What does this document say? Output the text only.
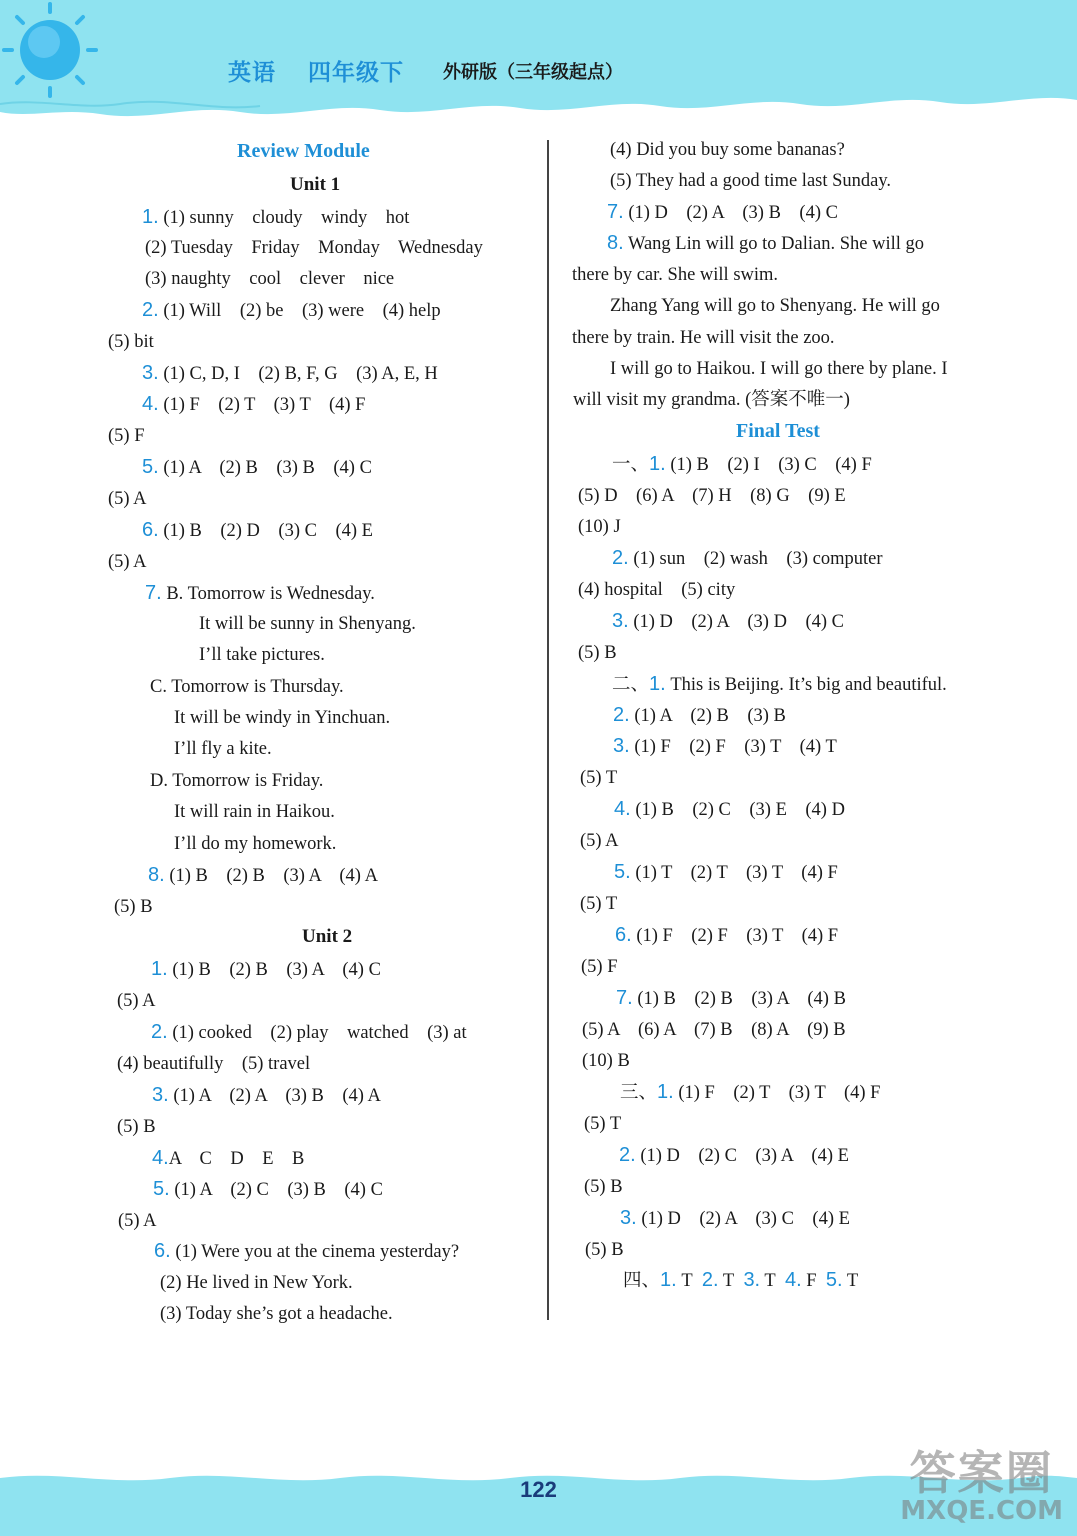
英语 四年级下 外研版（三年级起点）
Review Module
Unit 1
1. (1) sunny    cloudy    windy    hot
(2) Tuesday    Friday    Monday    Wednesday
(3) naughty    cool    clever    nice
2. (1) Will    (2) be    (3) were    (4) help
(5) bit
3. (1) C, D, I    (2) B, F, G    (3) A, E, H
4. (1) F    (2) T    (3) T    (4) F
(5) F
5. (1) A    (2) B    (3) B    (4) C
(5) A
6. (1) B    (2) D    (3) C    (4) E
(5) A
7. B. Tomorrow is Wednesday.
It will be sunny in Shenyang.
I’ll take pictures.
C. Tomorrow is Thursday.
It will be windy in Yinchuan.
I’ll fly a kite.
D. Tomorrow is Friday.
It will rain in Haikou.
I’ll do my homework.
8. (1) B    (2) B    (3) A    (4) A
(5) B
Unit 2
1. (1) B    (2) B    (3) A    (4) C
(5) A
2. (1) cooked    (2) play    watched    (3) at
(4) beautifully    (5) travel
3. (1) A    (2) A    (3) B    (4) A
(5) B
4.A    C    D    E    B
5. (1) A    (2) C    (3) B    (4) C
(5) A
6. (1) Were you at the cinema yesterday?
(2) He lived in New York.
(3) Today she’s got a headache.
(4) Did you buy some bananas?
(5) They had a good time last Sunday.
7. (1) D    (2) A    (3) B    (4) C
8. Wang Lin will go to Dalian. She will go
there by car. She will swim.
Zhang Yang will go to Shenyang. He will go
there by train. He will visit the zoo.
I will go to Haikou. I will go there by plane. I
will visit my grandma. (答案不唯一)
Final Test
一、1. (1) B    (2) I    (3) C    (4) F
(5) D    (6) A    (7) H    (8) G    (9) E
(10) J
2. (1) sun    (2) wash    (3) computer
(4) hospital    (5) city
3. (1) D    (2) A    (3) D    (4) C
(5) B
二、1. This is Beijing. It’s big and beautiful.
2. (1) A    (2) B    (3) B
3. (1) F    (2) F    (3) T    (4) T
(5) T
4. (1) B    (2) C    (3) E    (4) D
(5) A
5. (1) T    (2) T    (3) T    (4) F
(5) T
6. (1) F    (2) F    (3) T    (4) F
(5) F
7. (1) B    (2) B    (3) A    (4) B
(5) A    (6) A    (7) B    (8) A    (9) B
(10) B
三、1. (1) F    (2) T    (3) T    (4) F
(5) T
2. (1) D    (2) C    (3) A    (4) E
(5) B
3. (1) D    (2) A    (3) C    (4) E
(5) B
四、1. T 2. T 3. T 4. F 5. T
122	答案圈
MXQE.COM
